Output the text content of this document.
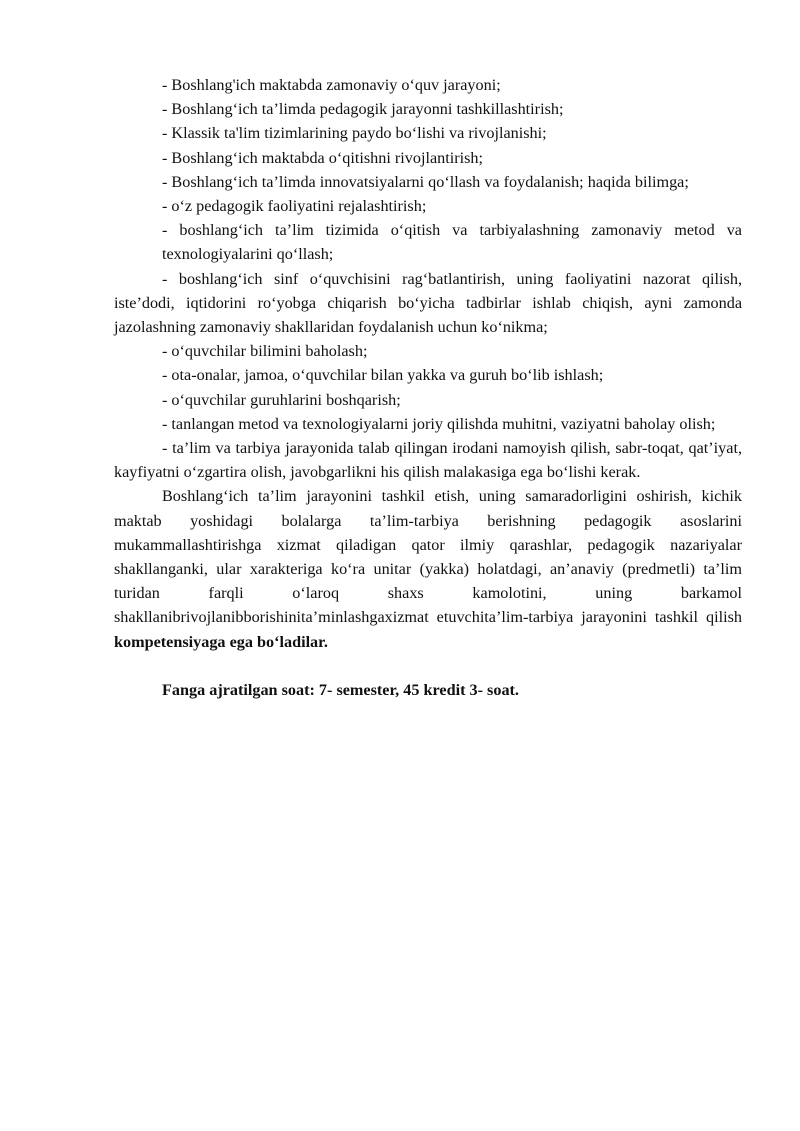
- Boshlang'ich maktabda zamonaviy o‘quv jarayoni;

- Boshlang‘ich ta’limda pedagogik jarayonni tashkillashtirish;

- Klassik ta'lim tizimlarining paydo bo‘lishi va rivojlanishi;

- Boshlang‘ich maktabda o‘qitishni rivojlantirish;

- Boshlang‘ich ta’limda innovatsiyalarni qo‘llash va foydalanish; haqida bilimga;

- o‘z pedagogik faoliyatini rejalashtirish;

- boshlang‘ich ta’lim tizimida o‘qitish va tarbiyalashning zamonaviy metod va texnologiyalarini qo‘llash;

- boshlang‘ich sinf o‘quvchisini rag‘batlantirish, uning faoliyatini nazorat qilish, iste’dodi, iqtidorini ro‘yobga chiqarish bo‘yicha tadbirlar ishlab chiqish, ayni zamonda jazolashning zamonaviy shakllaridan foydalanish uchun ko‘nikma;

- o‘quvchilar bilimini baholash;

- ota-onalar, jamoa, o‘quvchilar bilan yakka va guruh bo‘lib ishlash;

- o‘quvchilar guruhlarini boshqarish;

- tanlangan metod va texnologiyalarni joriy qilishda muhitni, vaziyatni baholay olish;

- ta’lim va tarbiya jarayonida talab qilingan irodani namoyish qilish, sabr-toqat, qat’iyat, kayfiyatni o‘zgartira olish, javobgarlikni his qilish malakasiga ega bo‘lishi kerak.

Boshlang‘ich ta’lim jarayonini tashkil etish, uning samaradorligini oshirish, kichik maktab yoshidagi bolalarga ta’lim-tarbiya berishning pedagogik asoslarini mukammallashtirishga xizmat qiladigan qator ilmiy qarashlar, pedagogik nazariyalar shakllanganki, ular xarakteriga ko‘ra unitar (yakka) holatdagi, an’anaviy (predmetli) ta’lim turidan farqli o‘laroq shaxs kamolotini, uning barkamol shakllanibrivojlanibborishinita’minlashgaxizmat etuvchita’lim-tarbiya jarayonini tashkil qilish kompetensiyaga ega bo‘ladilar.

Fanga ajratilgan soat: 7- semester, 45 kredit 3- soat.
